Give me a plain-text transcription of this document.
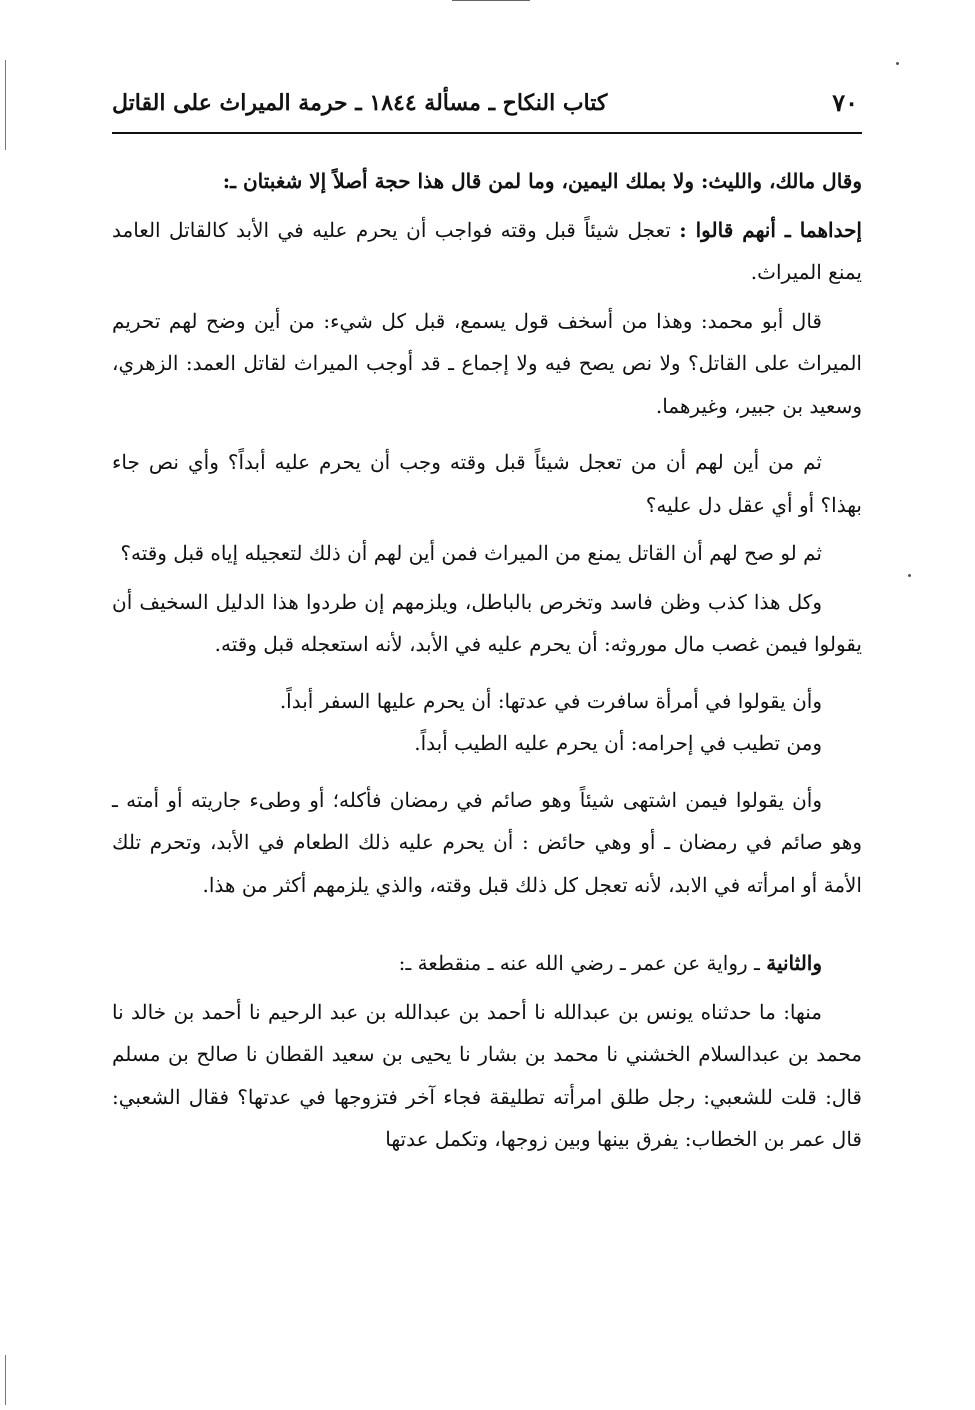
٧٠
كتاب النكاح ـ مسألة ١٨٤٤ ـ حرمة الميراث على القاتل

وقال مالك، والليث: ولا بملك اليمين، وما لمن قال هذا حجة أصلاً إلا شغبتان ـ:

إحداهما ـ أنهم قالوا : تعجل شيئاً قبل وقته فواجب أن يحرم عليه في الأبد كالقاتل العامد يمنع الميراث.

قال أبو محمد: وهذا من أسخف قول يسمع، قبل كل شيء: من أين وضح لهم تحريم الميراث على القاتل؟ ولا نص يصح فيه ولا إجماع ـ قد أوجب الميراث لقاتل العمد: الزهري، وسعيد بن جبير، وغيرهما.

ثم من أين لهم أن من تعجل شيئاً قبل وقته وجب أن يحرم عليه أبداً؟ وأي نص جاء بهذا؟ أو أي عقل دل عليه؟

ثم لو صح لهم أن القاتل يمنع من الميراث فمن أين لهم أن ذلك لتعجيله إياه قبل وقته؟

وكل هذا كذب وظن فاسد وتخرص بالباطل، ويلزمهم إن طردوا هذا الدليل السخيف أن يقولوا فيمن غصب مال موروثه: أن يحرم عليه في الأبد، لأنه استعجله قبل وقته.

وأن يقولوا في أمرأة سافرت في عدتها: أن يحرم عليها السفر أبداً.

ومن تطيب في إحرامه: أن يحرم عليه الطيب أبداً.

وأن يقولوا فيمن اشتهى شيئاً وهو صائم في رمضان فأكله؛ أو وطىء جاريته أو أمته ـ وهو صائم في رمضان ـ أو وهي حائض : أن يحرم عليه ذلك الطعام في الأبد، وتحرم تلك الأمة أو امرأته في الابد، لأنه تعجل كل ذلك قبل وقته، والذي يلزمهم أكثر من هذا.

والثانية ـ رواية عن عمر ـ رضي الله عنه ـ منقطعة ـ:

منها: ما حدثناه يونس بن عبدالله نا أحمد بن عبدالله بن عبد الرحيم نا أحمد بن خالد نا محمد بن عبدالسلام الخشني نا محمد بن بشار نا يحيى بن سعيد القطان نا صالح بن مسلم قال: قلت للشعبي: رجل طلق امرأته تطليقة فجاء آخر فتزوجها في عدتها؟ فقال الشعبي: قال عمر بن الخطاب: يفرق بينها وبين زوجها، وتكمل عدتها
